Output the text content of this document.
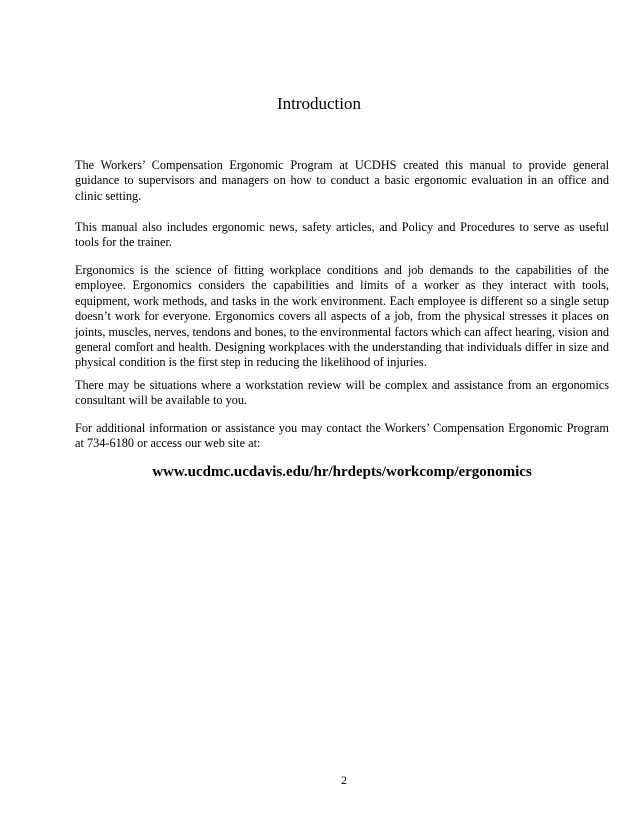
Introduction

The Workers’ Compensation Ergonomic Program at UCDHS created this manual to provide general guidance to supervisors and managers on how to conduct a basic ergonomic evaluation in an office and clinic setting.

This manual also includes ergonomic news, safety articles, and Policy and Procedures to serve as useful tools for the trainer.

Ergonomics is the science of fitting workplace conditions and job demands to the capabilities of the employee. Ergonomics considers the capabilities and limits of a worker as they interact with tools, equipment, work methods, and tasks in the work environment. Each employee is different so a single setup doesn’t work for everyone. Ergonomics covers all aspects of a job, from the physical stresses it places on joints, muscles, nerves, tendons and bones, to the environmental factors which can affect hearing, vision and general comfort and health. Designing workplaces with the understanding that individuals differ in size and physical condition is the first step in reducing the likelihood of injuries.

There may be situations where a workstation review will be complex and assistance from an ergonomics consultant will be available to you.

For additional information or assistance you may contact the Workers’ Compensation Ergonomic Program at 734-6180 or access our web site at:

www.ucdmc.ucdavis.edu/hr/hrdepts/workcomp/ergonomics
2
